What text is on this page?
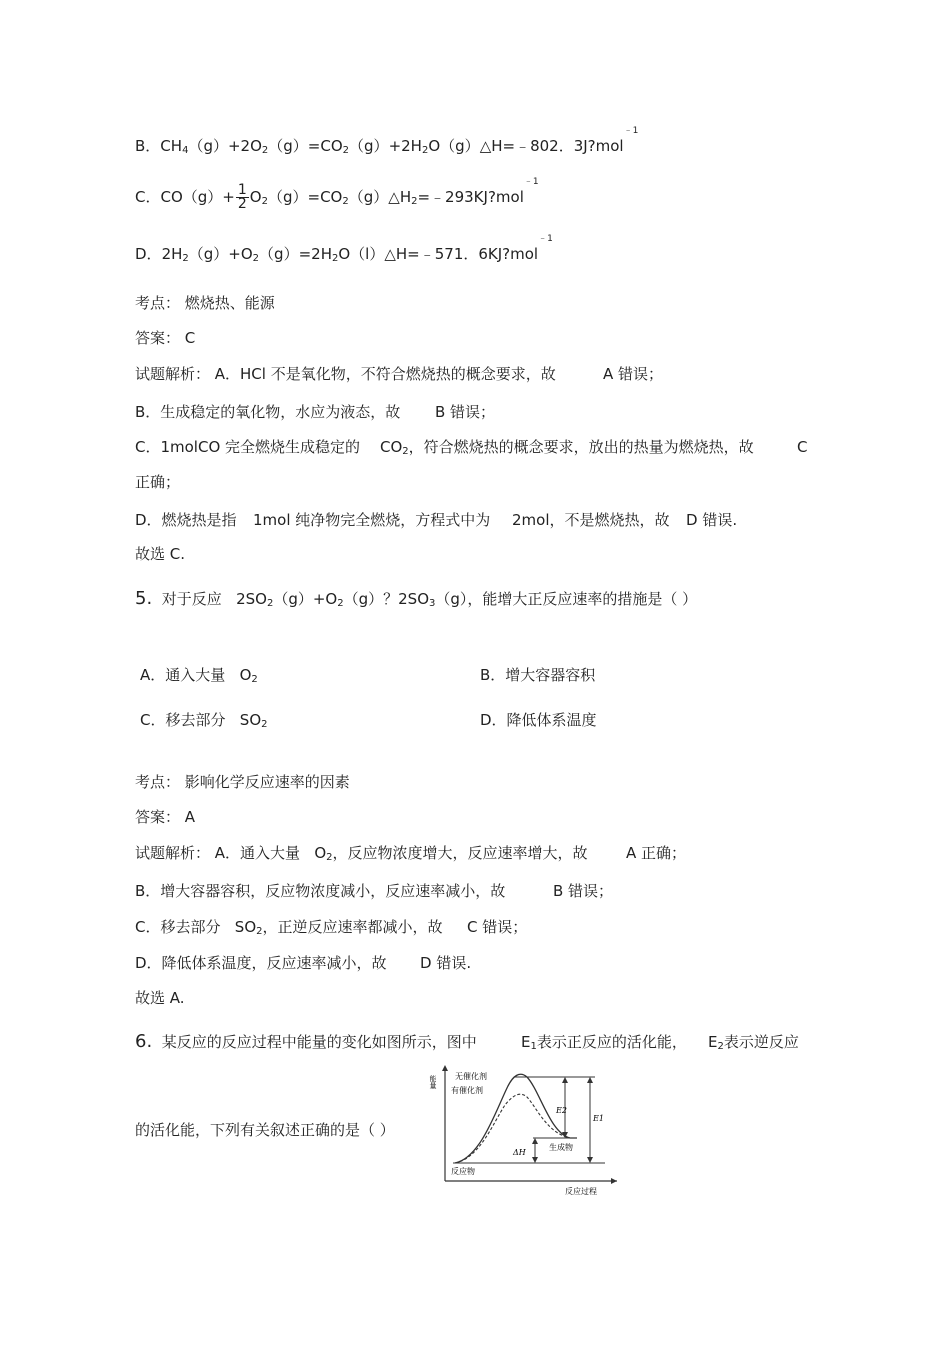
B．$CH_4(g)+2O_2(g)=CO_2(g)+2H_2O(g)\triangle H=﹣802$．3J?mol$^{﹣1}$
C．$CO(g)+ \frac{1}{2}$ $O_2(g)=CO_2(g)\triangle H_2=﹣293KJ?mol^{﹣1}$
D．$2H_2(g)+O_2(g)=2H_2O(l)\triangle H=﹣571$．6KJ?mol$^{﹣1}$
考点： 燃烧热、能源
答案： C
试题解析： A．HCl 不是氧化物，不符合燃烧热的概念要求，故	A 错误；
B．生成稳定的氧化物，水应为液态，故 B 错误；
C．1molCO 完全燃烧生成稳定的 $CO_2$，符合燃烧热的概念要求，放出的热量为燃烧热，故	C
正确；
D．燃烧热是指 1mol 纯净物完全燃烧，方程式中为 2mol，不是燃烧热，故 D 错误.
故选 C.
5. 对于反应 $2SO_2(g)+O_2(g)$？$2SO_3(g)$，能增大正反应速率的措施是（ ）
A．通入大量 $O_2$	B．增大容器容积
C．移去部分 $SO_2$	D．降低体系温度
考点： 影响化学反应速率的因素
答案： A
试题解析： A．通入大量 $O_2$，反应物浓度增大，反应速率增大，故	A 正确；
B．增大容器容积，反应物浓度减小，反应速率减小，故	B 错误；
C．移去部分 $SO_2$，正逆反应速率都减小，故 C 错误；
D．降低体系温度，反应速率减小，故 D 错误.
故选 A.
6. 某反应的反应过程中能量的变化如图所示，图中	$E_1$表示正反应的活化能， $E_2$表示逆反应
的活化能，下列有关叙述正确的是（ ）
能量 无催化剂
有催化剂
E2
E1
ΔH
生成物
反应物
反应过程
